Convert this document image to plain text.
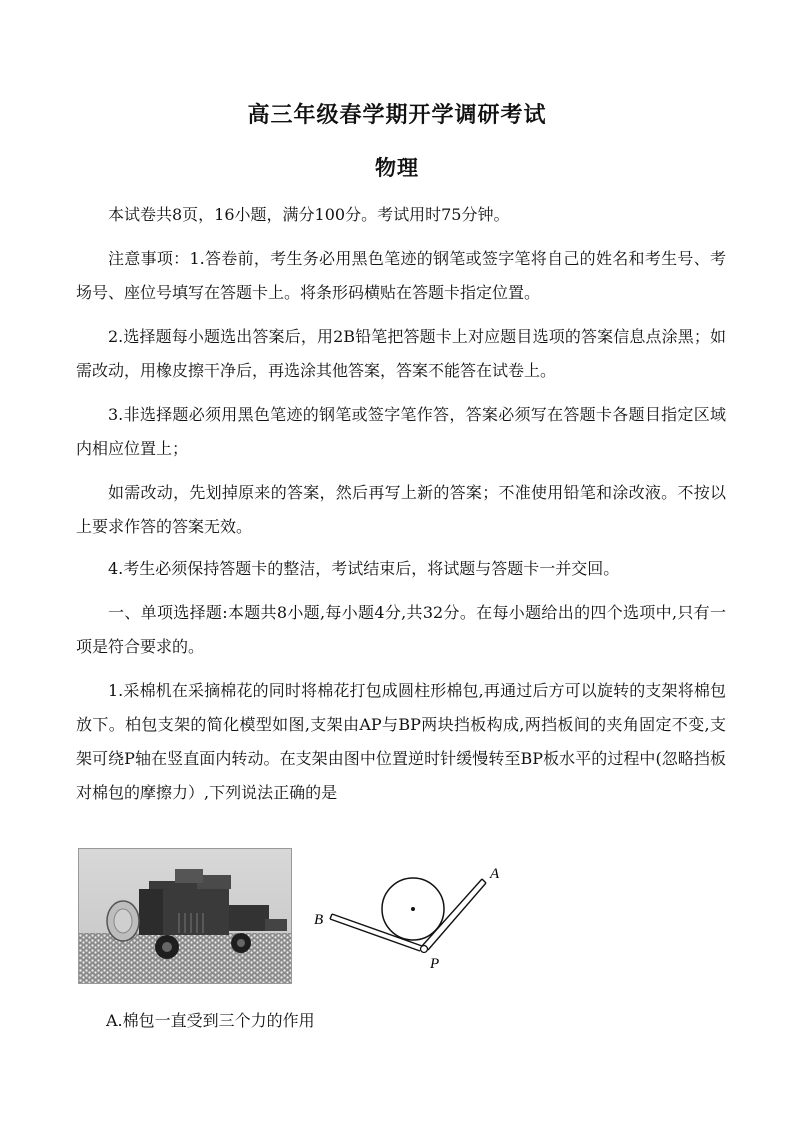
高三年级春学期开学调研考试
物理
本试卷共8页，16小题，满分100分。考试用时75分钟。
注意事项：1.答卷前，考生务必用黑色笔迹的钢笔或签字笔将自己的姓名和考生号、考场号、座位号填写在答题卡上。将条形码横贴在答题卡指定位置。
2.选择题每小题选出答案后，用2B铅笔把答题卡上对应题目选项的答案信息点涂黑；如需改动，用橡皮擦干净后，再选涂其他答案，答案不能答在试卷上。
3.非选择题必须用黑色笔迹的钢笔或签字笔作答，答案必须写在答题卡各题目指定区域内相应位置上；
如需改动，先划掉原来的答案，然后再写上新的答案；不准使用铅笔和涂改液。不按以上要求作答的答案无效。
4.考生必须保持答题卡的整洁，考试结束后，将试题与答题卡一并交回。
一、单项选择题:本题共8小题,每小题4分,共32分。在每小题给出的四个选项中,只有一项是符合要求的。
1.采棉机在采摘棉花的同时将棉花打包成圆柱形棉包,再通过后方可以旋转的支架将棉包放下。柏包支架的简化模型如图,支架由AP与BP两块挡板构成,两挡板间的夹角固定不变,支架可绕P轴在竖直面内转动。在支架由图中位置逆时针缓慢转至BP板水平的过程中(忽略挡板对棉包的摩擦力）,下列说法正确的是
A
B
P
A.棉包一直受到三个力的作用
